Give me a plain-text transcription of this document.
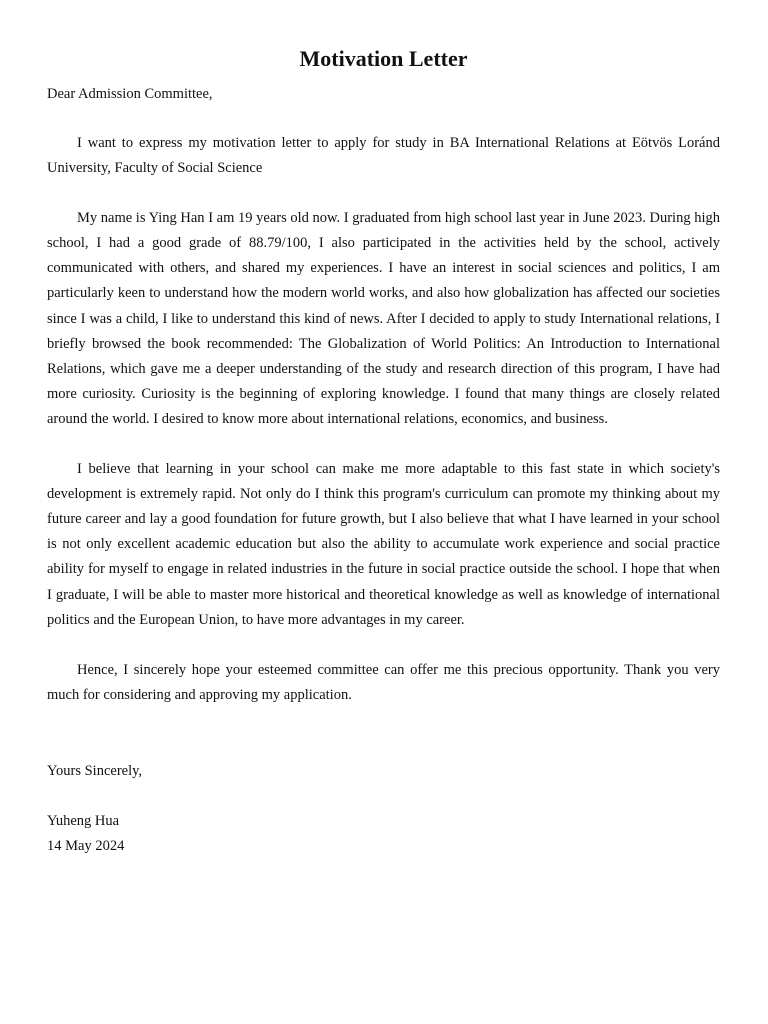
Motivation Letter

Dear Admission Committee,

I want to express my motivation letter to apply for study in BA International Relations at Eötvös Loránd University, Faculty of Social Science

My name is Ying Han I am 19 years old now. I graduated from high school last year in June 2023. During high school, I had a good grade of 88.79/100, I also participated in the activities held by the school, actively communicated with others, and shared my experiences. I have an interest in social sciences and politics, I am particularly keen to understand how the modern world works, and also how globalization has affected our societies since I was a child, I like to understand this kind of news. After I decided to apply to study International relations, I briefly browsed the book recommended: The Globalization of World Politics: An Introduction to International Relations, which gave me a deeper understanding of the study and research direction of this program, I have had more curiosity. Curiosity is the beginning of exploring knowledge. I found that many things are closely related around the world. I desired to know more about international relations, economics, and business.

I believe that learning in your school can make me more adaptable to this fast state in which society's development is extremely rapid. Not only do I think this program's curriculum can promote my thinking about my future career and lay a good foundation for future growth, but I also believe that what I have learned in your school is not only excellent academic education but also the ability to accumulate work experience and social practice ability for myself to engage in related industries in the future in social practice outside the school. I hope that when I graduate, I will be able to master more historical and theoretical knowledge as well as knowledge of international politics and the European Union, to have more advantages in my career.

Hence, I sincerely hope your esteemed committee can offer me this precious opportunity. Thank you very much for considering and approving my application.

Yours Sincerely,

Yuheng Hua

14 May 2024
